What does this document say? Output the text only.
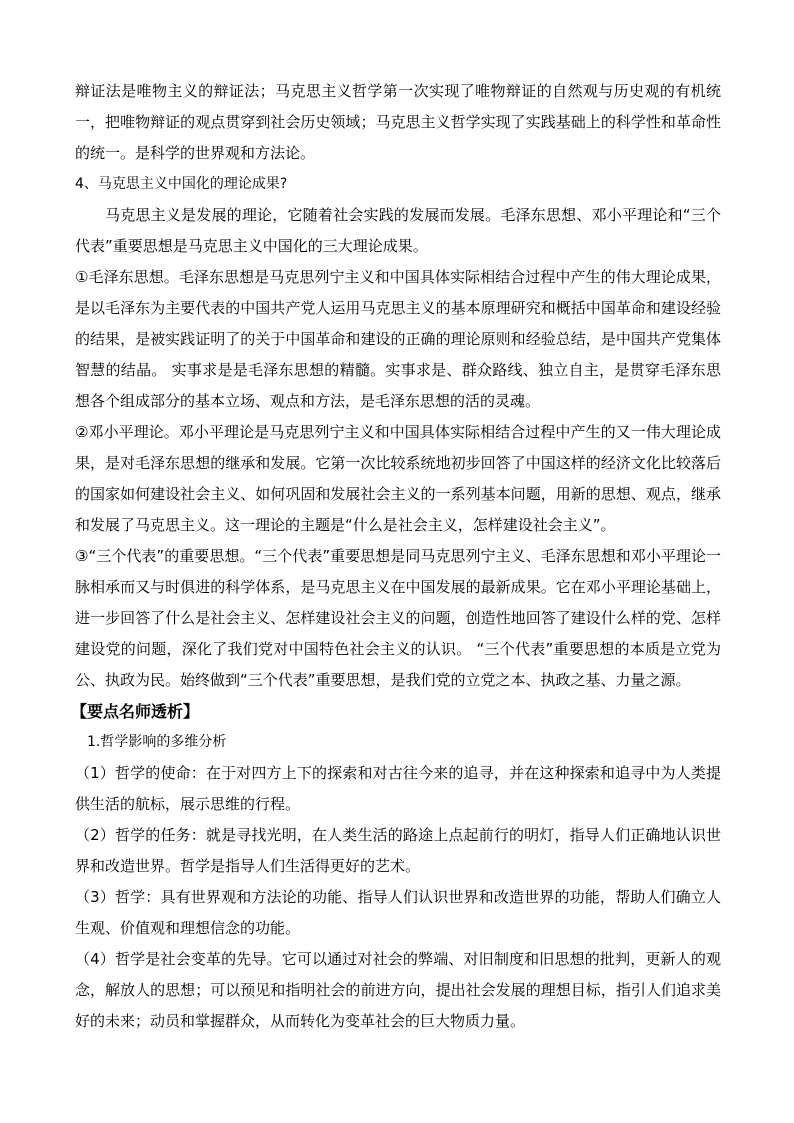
辩证法是唯物主义的辩证法；马克思主义哲学第一次实现了唯物辩证的自然观与历史观的有机统一，把唯物辩证的观点贯穿到社会历史领域；马克思主义哲学实现了实践基础上的科学性和革命性的统一。是科学的世界观和方法论。

4、马克思主义中国化的理论成果?

马克思主义是发展的理论，它随着社会实践的发展而发展。毛泽东思想、邓小平理论和“三个代表”重要思想是马克思主义中国化的三大理论成果。

①毛泽东思想。毛泽东思想是马克思列宁主义和中国具体实际相结合过程中产生的伟大理论成果，是以毛泽东为主要代表的中国共产党人运用马克思主义的基本原理研究和概括中国革命和建设经验的结果，是被实践证明了的关于中国革命和建设的正确的理论原则和经验总结，是中国共产党集体智慧的结晶。 实事求是是毛泽东思想的精髓。实事求是、群众路线、独立自主，是贯穿毛泽东思想各个组成部分的基本立场、观点和方法，是毛泽东思想的活的灵魂。

②邓小平理论。邓小平理论是马克思列宁主义和中国具体实际相结合过程中产生的又一伟大理论成果，是对毛泽东思想的继承和发展。它第一次比较系统地初步回答了中国这样的经济文化比较落后的国家如何建设社会主义、如何巩固和发展社会主义的一系列基本问题，用新的思想、观点，继承和发展了马克思主义。这一理论的主题是“什么是社会主义，怎样建设社会主义”。

③“三个代表”的重要思想。“三个代表”重要思想是同马克思列宁主义、毛泽东思想和邓小平理论一脉相承而又与时俱进的科学体系，是马克思主义在中国发展的最新成果。它在邓小平理论基础上，进一步回答了什么是社会主义、怎样建设社会主义的问题，创造性地回答了建设什么样的党、怎样建设党的问题，深化了我们党对中国特色社会主义的认识。 “三个代表”重要思想的本质是立党为公、执政为民。始终做到“三个代表”重要思想，是我们党的立党之本、执政之基、力量之源。

【要点名师透析】

1.哲学影响的多维分析

（1）哲学的使命：在于对四方上下的探索和对古往今来的追寻，并在这种探索和追寻中为人类提供生活的航标，展示思维的行程。

（2）哲学的任务：就是寻找光明，在人类生活的路途上点起前行的明灯，指导人们正确地认识世界和改造世界。哲学是指导人们生活得更好的艺术。

（3）哲学：具有世界观和方法论的功能、指导人们认识世界和改造世界的功能，帮助人们确立人生观、价值观和理想信念的功能。

（4）哲学是社会变革的先导。它可以通过对社会的弊端、对旧制度和旧思想的批判，更新人的观念，解放人的思想；可以预见和指明社会的前进方向，提出社会发展的理想目标，指引人们追求美好的未来；动员和掌握群众，从而转化为变革社会的巨大物质力量。
